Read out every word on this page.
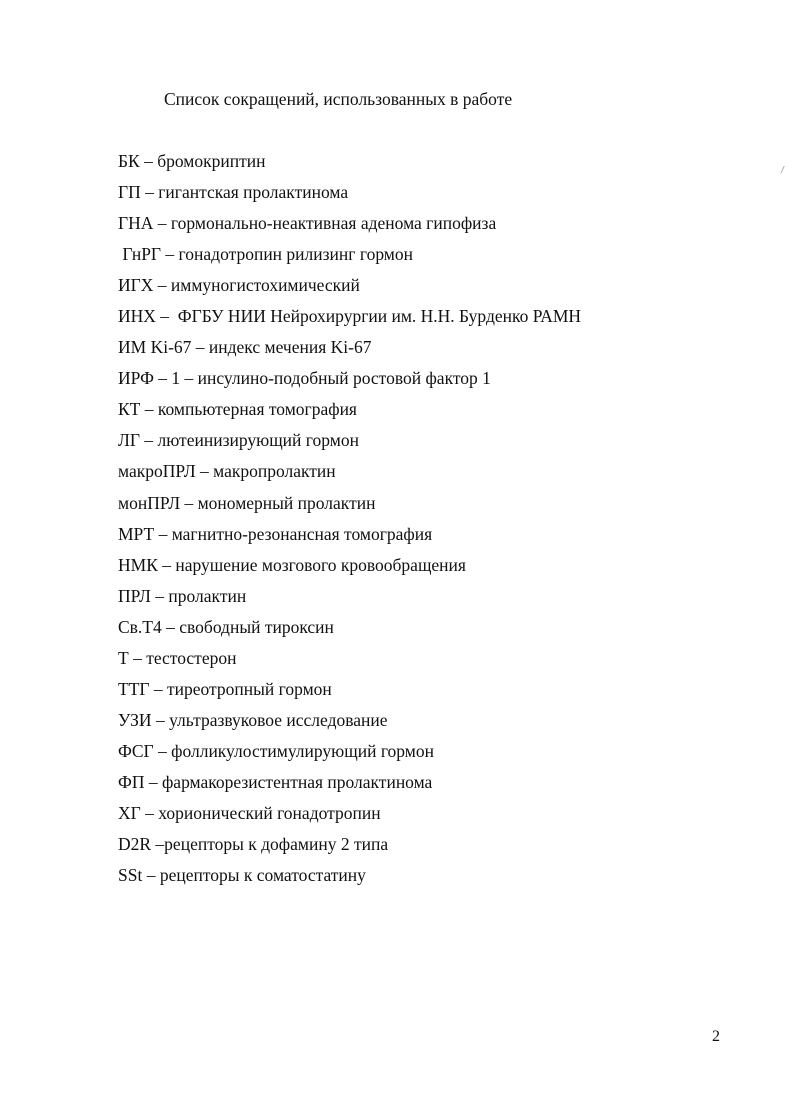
Список сокращений, использованных в работе
БК – бромокриптин
ГП – гигантская пролактинома
ГНА – гормонально-неактивная аденома гипофиза
ГнРГ – гонадотропин рилизинг гормон
ИГХ – иммуногистохимический
ИНХ –  ФГБУ НИИ Нейрохирургии им. Н.Н. Бурденко РАМН
ИМ Ki-67 – индекс мечения Ki-67
ИРФ – 1 – инсулино-подобный ростовой фактор 1
КТ – компьютерная томография
ЛГ – лютеинизирующий гормон
макроПРЛ – макропролактин
монПРЛ – мономерный пролактин
МРТ – магнитно-резонансная томография
НМК – нарушение мозгового кровообращения
ПРЛ – пролактин
Св.Т4 – свободный тироксин
Т – тестостерон
ТТГ – тиреотропный гормон
УЗИ – ультразвуковое исследование
ФСГ – фолликулостимулирующий гормон
ФП – фармакорезистентная пролактинома
ХГ – хорионический гонадотропин
D2R –рецепторы к дофамину 2 типа
SSt – рецепторы к соматостатину
2
